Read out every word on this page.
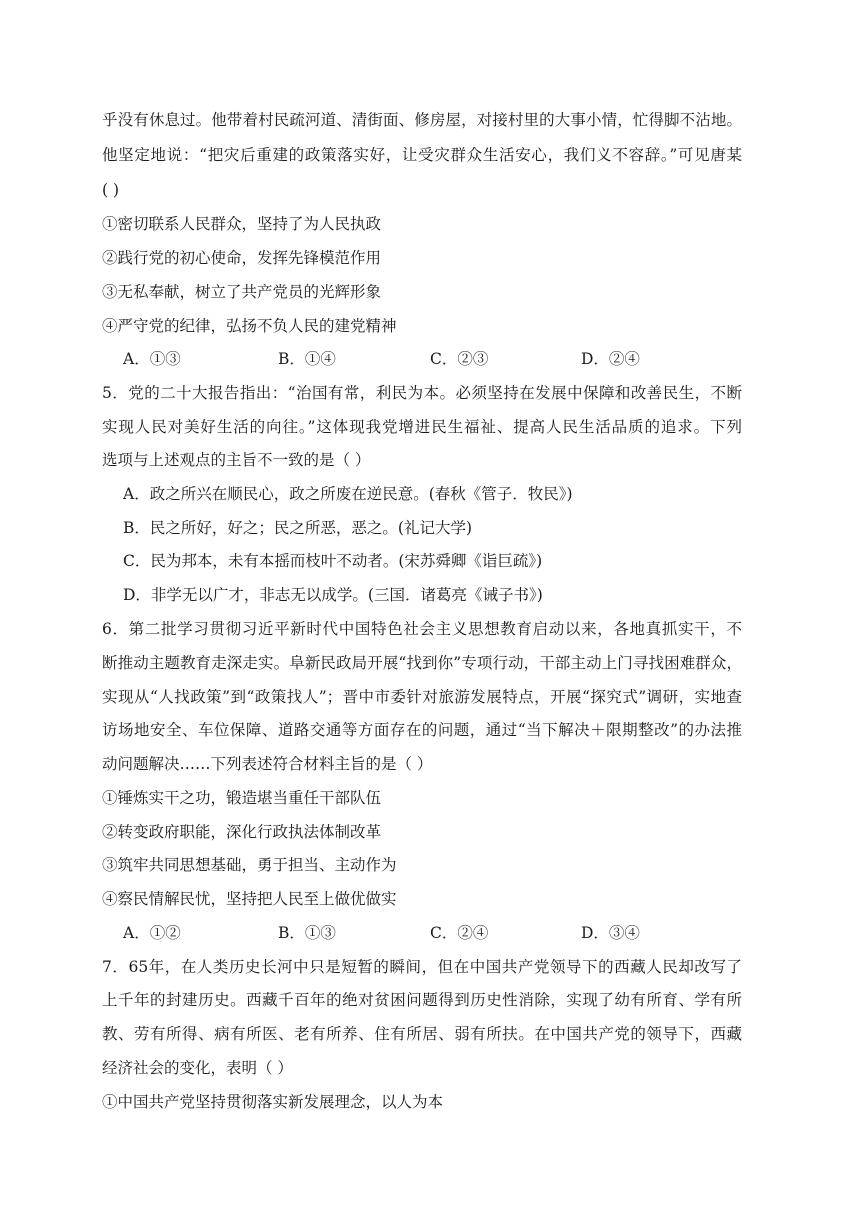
乎没有休息过。他带着村民疏河道、清街面、修房屋，对接村里的大事小情，忙得脚不沾地。
他坚定地说：“把灾后重建的政策落实好，让受灾群众生活安心，我们义不容辞。”可见唐某
( )
①密切联系人民群众，坚持了为人民执政
②践行党的初心使命，发挥先锋模范作用
③无私奉献，树立了共产党员的光辉形象
④严守党的纪律，弘扬不负人民的建党精神
A．①③	B．①④	C．②③	D．②④
5．党的二十大报告指出：“治国有常，利民为本。必须坚持在发展中保障和改善民生，不断
实现人民对美好生活的向往。”这体现我党增进民生福祉、提高人民生活品质的追求。下列
选项与上述观点的主旨不一致的是（ ）
A．政之所兴在顺民心，政之所废在逆民意。(春秋《管子．牧民》)
B．民之所好，好之；民之所恶，恶之。(礼记大学)
C．民为邦本，未有本摇而枝叶不动者。(宋苏舜卿《诣巨疏》)
D．非学无以广才，非志无以成学。(三国．诸葛亮《诫子书》)
6．第二批学习贯彻习近平新时代中国特色社会主义思想教育启动以来，各地真抓实干，不
断推动主题教育走深走实。阜新民政局开展“找到你”专项行动，干部主动上门寻找困难群众，
实现从“人找政策”到“政策找人”；晋中市委针对旅游发展特点，开展“探究式”调研，实地查
访场地安全、车位保障、道路交通等方面存在的问题，通过“当下解决＋限期整改”的办法推
动问题解决……下列表述符合材料主旨的是（ ）
①锤炼实干之功，锻造堪当重任干部队伍
②转变政府职能，深化行政执法体制改革
③筑牢共同思想基础，勇于担当、主动作为
④察民情解民忧，坚持把人民至上做优做实
A．①②	B．①③	C．②④	D．③④
7．65年，在人类历史长河中只是短暂的瞬间，但在中国共产党领导下的西藏人民却改写了
上千年的封建历史。西藏千百年的绝对贫困问题得到历史性消除，实现了幼有所育、学有所
教、劳有所得、病有所医、老有所养、住有所居、弱有所扶。在中国共产党的领导下，西藏
经济社会的变化，表明（ ）
①中国共产党坚持贯彻落实新发展理念，以人为本
